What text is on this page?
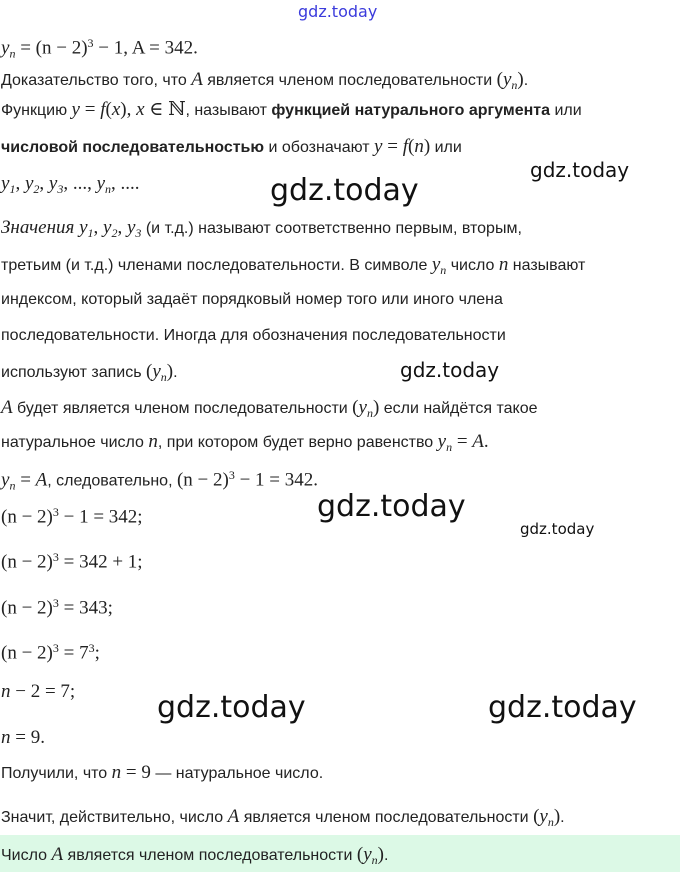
$y_n = (n - 2)^3 - 1$, A = 342.
Доказательство того, что A является членом последовательности $(y_n)$.
Функцию y = f(x), x ∈ ℕ, называют функцией натурального аргумента или
числовой последовательностью и обозначают y = f(n) или
$y_1$, $y_2$, $y_3$, ..., $y_n$, ....
Значения $y_1$, $y_2$, $y_3$ (и т.д.) называют соответственно первым, вторым,
третьим (и т.д.) членами последовательности. В символе $y_n$ число n называют
индексом, который задаёт порядковый номер того или иного члена
последовательности. Иногда для обозначения последовательности
используют запись $(y_n)$.
A будет является членом последовательности $(y_n)$ если найдётся такое
натуральное число n, при котором будет верно равенство $y_n = A$.
$y_n = A$, следовательно, $(n - 2)^3 - 1 = 342$.
$(n - 2)^3 - 1 = 342$;
$(n - 2)^3 = 342 + 1$;
$(n - 2)^3 = 343$;
$(n - 2)^3 = 7^3$;
n − 2 = 7;
n = 9.
Получили, что n = 9 — натуральное число.
Значит, действительно, число A является членом последовательности $(y_n)$.
Число A является членом последовательности $(y_n)$.
gdz.today
gdz.today
gdz.today
gdz.today
gdz.today
gdz.today
gdz.today	gdz.today
